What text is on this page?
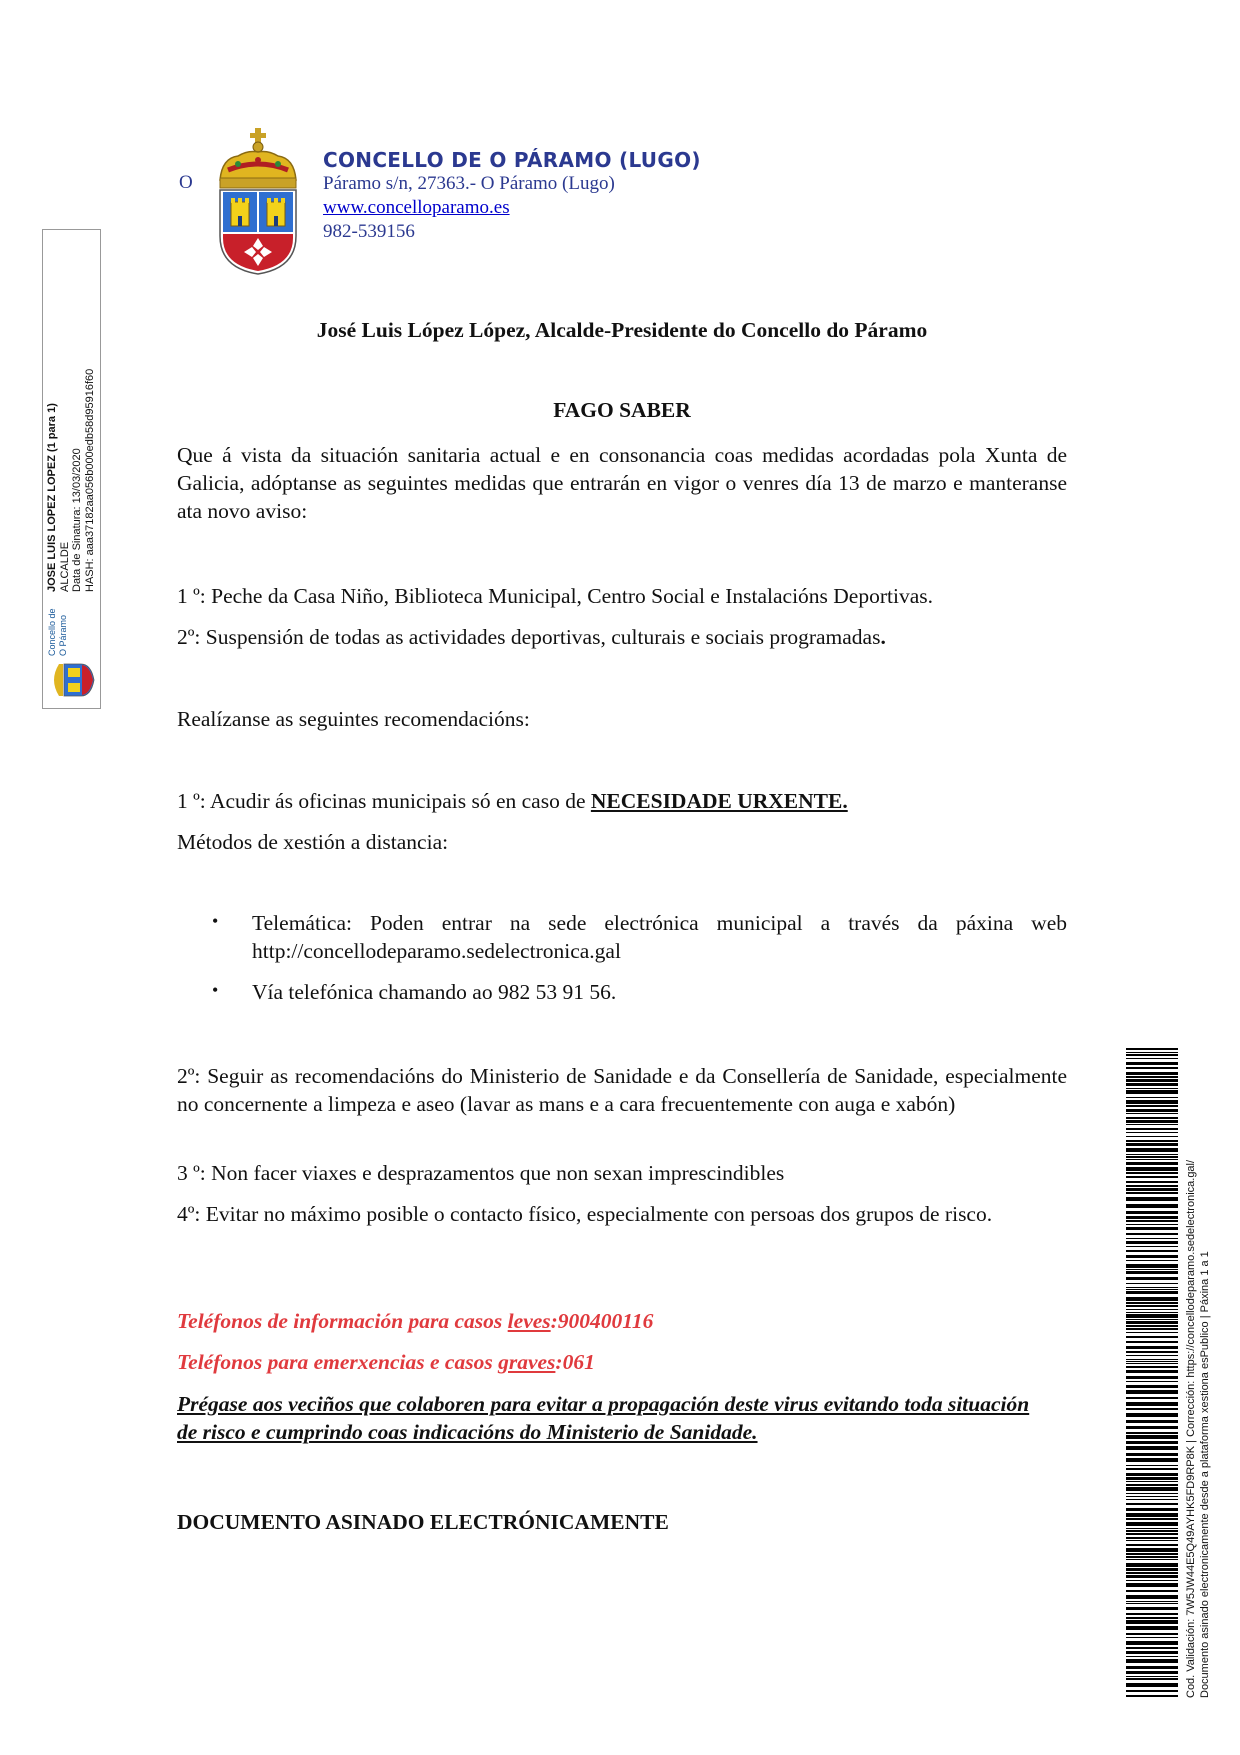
O
CONCELLO DE O PÁRAMO (LUGO)
Páramo s/n, 27363.- O Páramo (Lugo)
www.concelloparamo.es
982-539156
Concello de O Páramo
JOSE LUIS LOPEZ LOPEZ (1 para 1) ALCALDE Data de Sinatura: 13/03/2020 HASH: aaa37182aa056b000edb58d95916f60
José Luis López López, Alcalde-Presidente do Concello do Páramo
FAGO SABER
Que á vista da situación sanitaria actual e en consonancia coas medidas acordadas pola Xunta de Galicia, adóptanse as seguintes medidas que entrarán en vigor o venres día 13 de marzo e manteranse ata novo aviso:
1 º: Peche da Casa Niño, Biblioteca Municipal, Centro Social e Instalacións Deportivas.
2º: Suspensión de todas as actividades deportivas, culturais e sociais programadas.
Realízanse as seguintes recomendacións:
1 º: Acudir ás oficinas municipais só en caso de NECESIDADE URXENTE.
Métodos de xestión a distancia:
• Telemática: Poden entrar na sede electrónica municipal a través da páxina web http://concellodeparamo.sedelectronica.gal
• Vía telefónica chamando ao 982 53 91 56.
2º: Seguir as recomendacións do Ministerio de Sanidade e da Consellería de Sanidade, especialmente no concernente a limpeza e aseo (lavar as mans e a cara frecuentemente con auga e xabón)
3 º: Non facer viaxes e desprazamentos que non sexan imprescindibles
4º: Evitar no máximo posible o contacto físico, especialmente con persoas dos grupos de risco.
Teléfonos de información para casos leves:900400116
Teléfonos para emerxencias e casos graves:061
Prégase aos veciños que colaboren para evitar a propagación deste virus evitando toda situación de risco e cumprindo coas indicacións do Ministerio de Sanidade.
DOCUMENTO ASINADO ELECTRÓNICAMENTE	Cod. Validación: 7W5JW44E5Q49AYHK5FD9RP8K | Corrección: https://concellodeparamo.sedelectronica.gal/ Documento asinado electronicamente desde a plataforma xestiona esPublico | Páxina 1 a 1
